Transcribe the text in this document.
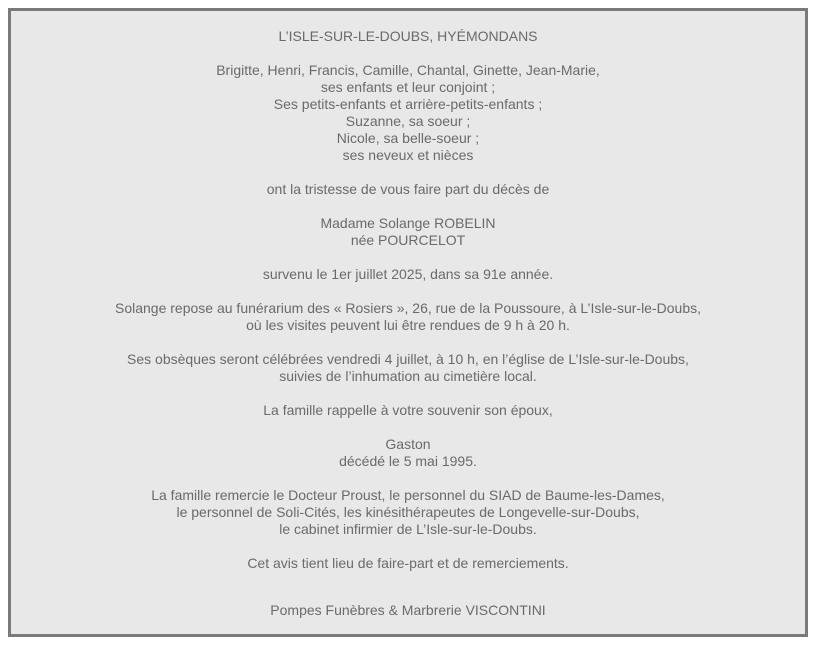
L’ISLE-SUR-LE-DOUBS, HYÉMONDANS
Brigitte, Henri, Francis, Camille, Chantal, Ginette, Jean-Marie,
ses enfants et leur conjoint ;
Ses petits-enfants et arrière-petits-enfants ;
Suzanne, sa soeur ;
Nicole, sa belle-soeur ;
ses neveux et nièces
ont la tristesse de vous faire part du décès de
Madame Solange ROBELIN
née POURCELOT
survenu le 1er juillet 2025, dans sa 91e année.
Solange repose au funérarium des « Rosiers », 26, rue de la Poussoure, à L’Isle-sur-le-Doubs,
où les visites peuvent lui être rendues de 9 h à 20 h.
Ses obsèques seront célébrées vendredi 4 juillet, à 10 h, en l’église de L’Isle-sur-le-Doubs,
suivies de l’inhumation au cimetière local.
La famille rappelle à votre souvenir son époux,
Gaston
décédé le 5 mai 1995.
La famille remercie le Docteur Proust, le personnel du SIAD de Baume-les-Dames,
le personnel de Soli-Cités, les kinésithérapeutes de Longevelle-sur-Doubs,
le cabinet infirmier de L’Isle-sur-le-Doubs.
Cet avis tient lieu de faire-part et de remerciements.
Pompes Funèbres & Marbrerie VISCONTINI
